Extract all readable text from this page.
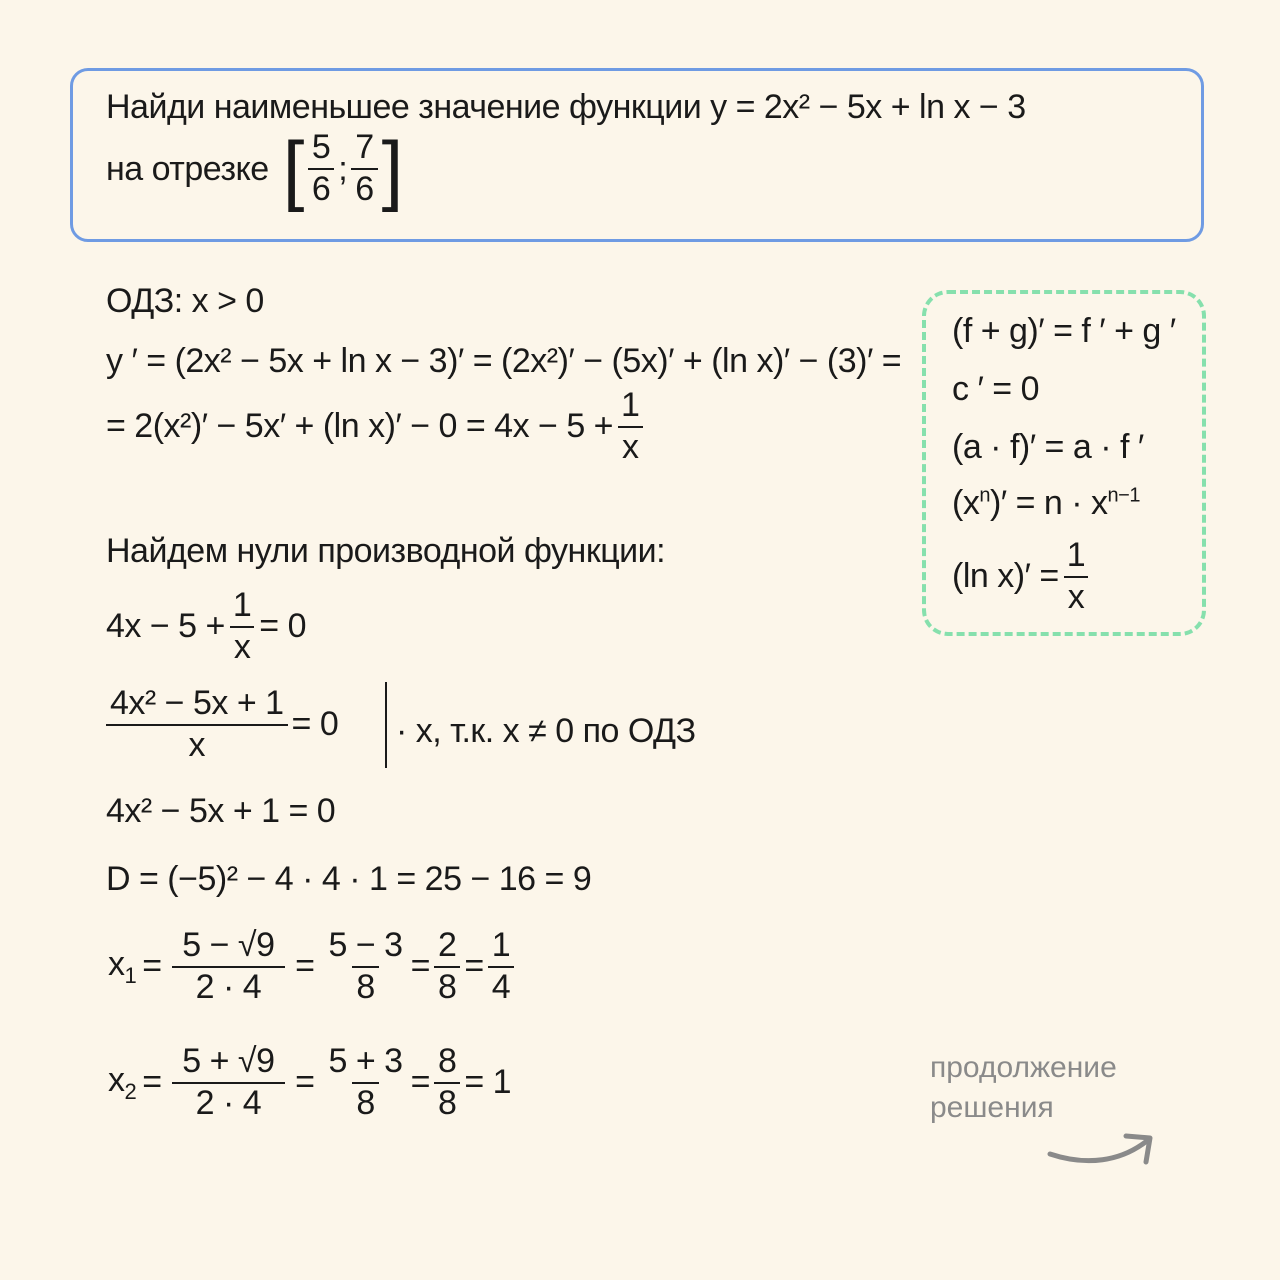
Найди наименьшее значение функции y = 2x² − 5x + ln x − 3
на отрезке [ $\frac{5}{6}$ ; $\frac{7}{6}$ ]
ОДЗ: x > 0
y ′ = (2x² − 5x + ln x − 3)′ = (2x²)′ − (5x)′ + (ln x)′ − (3)′ =
= 2(x²)′ − 5x′ + (ln $x)' - 0 = 4x - 5 + \frac{1}{x}$
Найдем нули производной функции:
$4x - 5 + \frac{1}{x} = 0$
$\frac{\text{4x² − 5x + 1}}{x} = 0 \cdot x$, т.к. x ≠ 0 по ОДЗ
4x² − 5x + 1 = 0
D = (−5)² − 4 · 4 · 1 = 25 − 16 = 9
$x_1 = \frac{5 - √9}{2 \cdot 4} = \frac{5 - 3}{8} = \frac{2}{8} = \frac{1}{4}$
$x_2 = \frac{5 + √9}{2 \cdot 4} = \frac{5 + 3}{8} = \frac{8}{8} = 1$
(f + g)′ = f ′ + g ′
c ′ = 0
(a · f)′ = a · f ′
$(x^n)' = n \cdot x^{n-1}$
(ln $x)' = \frac{1}{x}$
продолжение
решения
